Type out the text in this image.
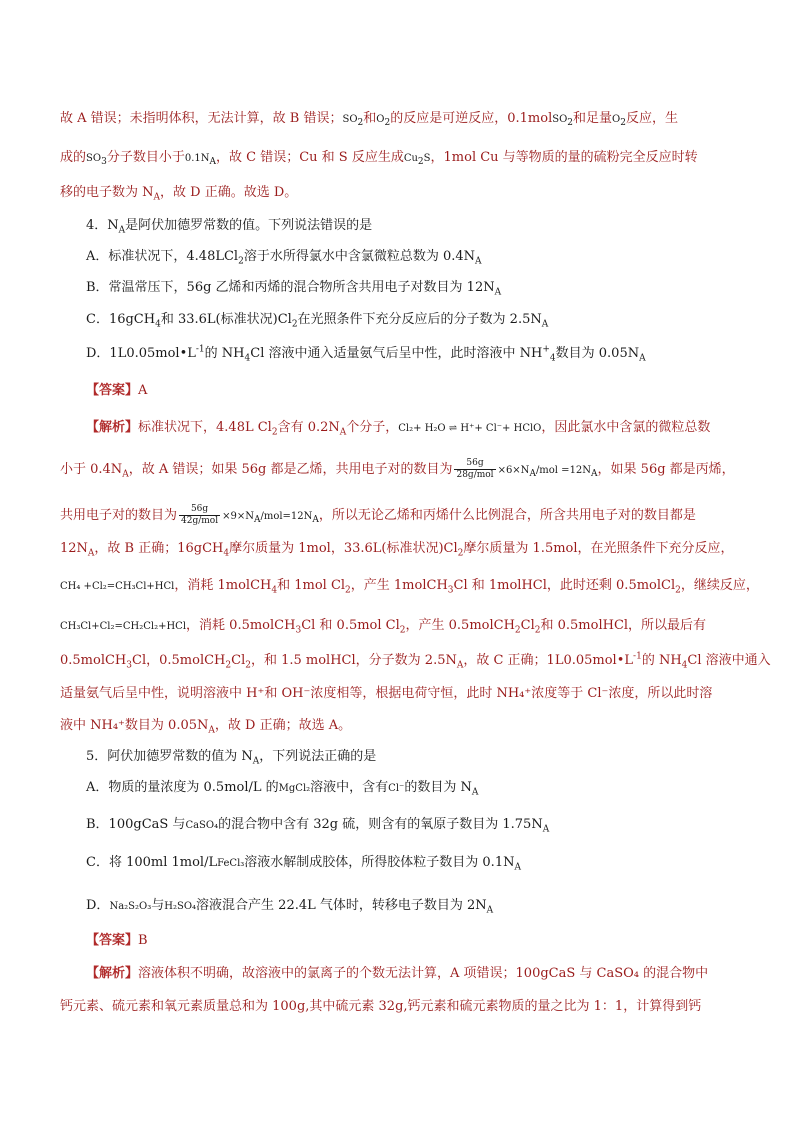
故 A 错误；未指明体积，无法计算，故 B 错误；$SO_2$和$O_2$的反应是可逆反应，0.1molSO$_2$和足量$O_2$反应，生
成的$SO_3$分子数目小于$0.1N_A$，故 C 错误；Cu 和 S 反应生成$Cu_2S$，1mol Cu 与等物质的量的硫粉完全反应时转
移的电子数为 $N_A$，故 D 正确。故选 D。
4．$N_A$是阿伏加德罗常数的值。下列说法错误的是
A．标准状况下，4.48LCl$_2$溶于水所得氯水中含氯微粒总数为 $0.4N_A$
B．常温常压下，56g 乙烯和丙烯的混合物所含共用电子对数目为 $12N_A$
C．16gCH$_4$和 33.6L(标准状况)$Cl_2$在光照条件下充分反应后的分子数为 $2.5N_A$
D．$1L0.05mol•L^{-1}$的 $NH_4Cl$ 溶液中通入适量氨气后呈中性，此时溶液中 $NH^+_4$数目为 $0.05N_A$
【答案】A
【解析】标准状况下，4.48L $Cl_2$含有 $0.2N_A$个分子，Cl₂+ H₂O ⇌ H⁺+ Cl⁻+ HClO，因此氯水中含氯的微粒总数
小于 $0.4N_A$，故 A 错误；如果 56g 都是乙烯，共用电子对的数目为 $\frac{56g}{\text{28g/mol}} \times 6\times N_A/mol =12N_A$，如果 56g 都是丙烯，
共用电子对的数目为 $\frac{56g}{\text{42g/mol}} \times 9\times N_A/mol=12N_A$，所以无论乙烯和丙烯什么比例混合，所含共用电子对的数目都是
$12N_A$，故 B 正确；16gCH$_4$摩尔质量为 1mol，33.6L(标准状况)$Cl_2$摩尔质量为 1.5mol，在光照条件下充分反应，
CH₄ +Cl₂=CH₃Cl+HCl，消耗 1molCH$_4$和 1mol $Cl_2$，产生 1molCH$_3$Cl 和 1molHCl，此时还剩 0.5molCl$_2$，继续反应，
CH₃Cl+Cl₂=CH₂Cl₂+HCl，消耗 0.5molCH$_3$Cl 和 0.5mol $Cl_2$，产生 $0.5molCH_2Cl_2$和 0.5molHCl，所以最后有
0.5molCH$_3$Cl，$0.5molCH_2Cl_2$，和 1.5 molHCl，分子数为 $2.5N_A$，故 C 正确；$1L0.05mol•L^{-1}$的 $NH_4Cl$ 溶液中通入
适量氨气后呈中性，说明溶液中 H⁺和 OH⁻浓度相等，根据电荷守恒，此时 NH₄⁺浓度等于 Cl⁻浓度，所以此时溶
液中 NH₄⁺数目为 $0.05N_A$，故 D 正确；故选 A。
5．阿伏加德罗常数的值为 $N_A$，下列说法正确的是
A．物质的量浓度为 0.5mol/L 的MgCl₂溶液中，含有Cl⁻的数目为 $N_A$
B．100gCaS 与CaSO₄的混合物中含有 32g 硫，则含有的氧原子数目为 $1.75N_A$
C．将 100ml 1mol/LFeCl₃溶液水解制成胶体，所得胶体粒子数目为 $0.1N_A$
D．Na₂S₂O₃与H₂SO₄溶液混合产生 22.4L 气体时，转移电子数目为 $2N_A$
【答案】B
【解析】溶液体积不明确，故溶液中的氯离子的个数无法计算，A 项错误；100gCaS 与 CaSO₄ 的混合物中
钙元素、硫元素和氧元素质量总和为 100g,其中硫元素 32g,钙元素和硫元素物质的量之比为 1：1，计算得到钙
